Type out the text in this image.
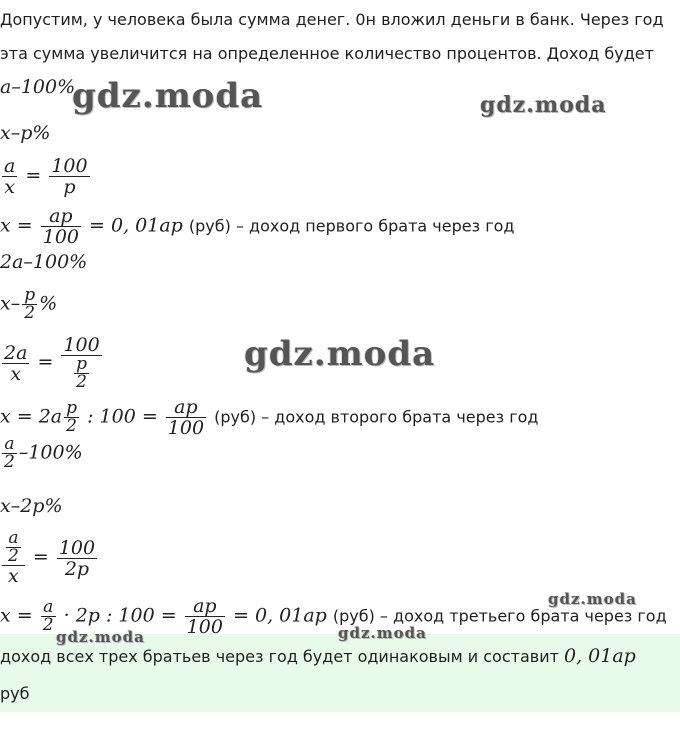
Допустим, у человека была сумма денег. 0н вложил деньги в банк. Через год
эта сумма увеличится на определенное количество процентов. Доход будет
a–100%
x–p%
$\frac{a}{x} = \frac{100}{p}$
$x = \frac{ap}{100} = 0$, 01ap (руб) – доход первого брата через год
2a–100%
$x- \frac{p}{2}$ %
$\frac{2a}{x} = \frac{100}{\frac{p}{2}}$
$x = 2a \frac{p}{2}$ : $100 = \frac{ap}{100} (руб)$ – доход второго брата через год
$\frac{a}{2} -100\%$
x–2p%
$\frac{\frac{a}{2}}{x} = \frac{100}{2p}$
$x = \frac{a}{2} \cdot 2p$ : $100 = \frac{ap}{100} = 0$, 01ap (руб) – доход третьего брата через год
доход всех трех братьев через год будет одинаковым и составит 0, 01ap
руб
gdz.moda	gdz.moda
gdz.moda
gdz.moda
gdz.moda	gdz.moda
